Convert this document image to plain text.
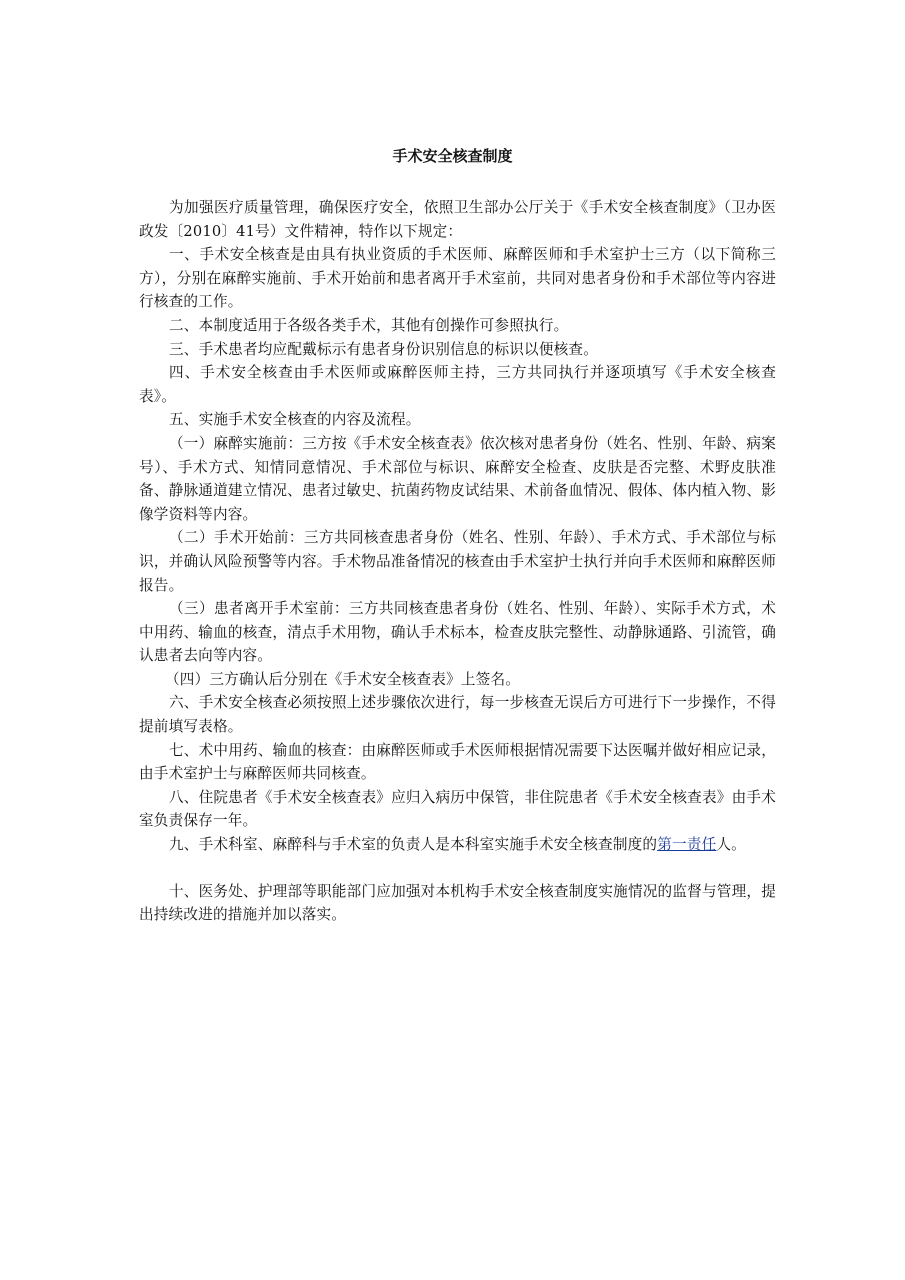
手术安全核查制度

为加强医疗质量管理，确保医疗安全，依照卫生部办公厅关于《手术安全核查制度》（卫办医政发〔2010〕41号）文件精神，特作以下规定：

一、手术安全核查是由具有执业资质的手术医师、麻醉医师和手术室护士三方（以下简称三方），分别在麻醉实施前、手术开始前和患者离开手术室前，共同对患者身份和手术部位等内容进行核查的工作。

二、本制度适用于各级各类手术，其他有创操作可参照执行。

三、手术患者均应配戴标示有患者身份识别信息的标识以便核查。

四、手术安全核查由手术医师或麻醉医师主持，三方共同执行并逐项填写《手术安全核查表》。

五、实施手术安全核查的内容及流程。

（一）麻醉实施前：三方按《手术安全核查表》依次核对患者身份（姓名、性别、年龄、病案号）、手术方式、知情同意情况、手术部位与标识、麻醉安全检查、皮肤是否完整、术野皮肤准备、静脉通道建立情况、患者过敏史、抗菌药物皮试结果、术前备血情况、假体、体内植入物、影像学资料等内容。

（二）手术开始前：三方共同核查患者身份（姓名、性别、年龄）、手术方式、手术部位与标识，并确认风险预警等内容。手术物品准备情况的核查由手术室护士执行并向手术医师和麻醉医师报告。

（三）患者离开手术室前：三方共同核查患者身份（姓名、性别、年龄）、实际手术方式，术中用药、输血的核查，清点手术用物，确认手术标本，检查皮肤完整性、动静脉通路、引流管，确认患者去向等内容。

（四）三方确认后分别在《手术安全核查表》上签名。

六、手术安全核查必须按照上述步骤依次进行，每一步核查无误后方可进行下一步操作，不得提前填写表格。

七、术中用药、输血的核查：由麻醉医师或手术医师根据情况需要下达医嘱并做好相应记录，由手术室护士与麻醉医师共同核查。

八、住院患者《手术安全核查表》应归入病历中保管，非住院患者《手术安全核查表》由手术室负责保存一年。

九、手术科室、麻醉科与手术室的负责人是本科室实施手术安全核查制度的第一责任人。

十、医务处、护理部等职能部门应加强对本机构手术安全核查制度实施情况的监督与管理，提出持续改进的措施并加以落实。
